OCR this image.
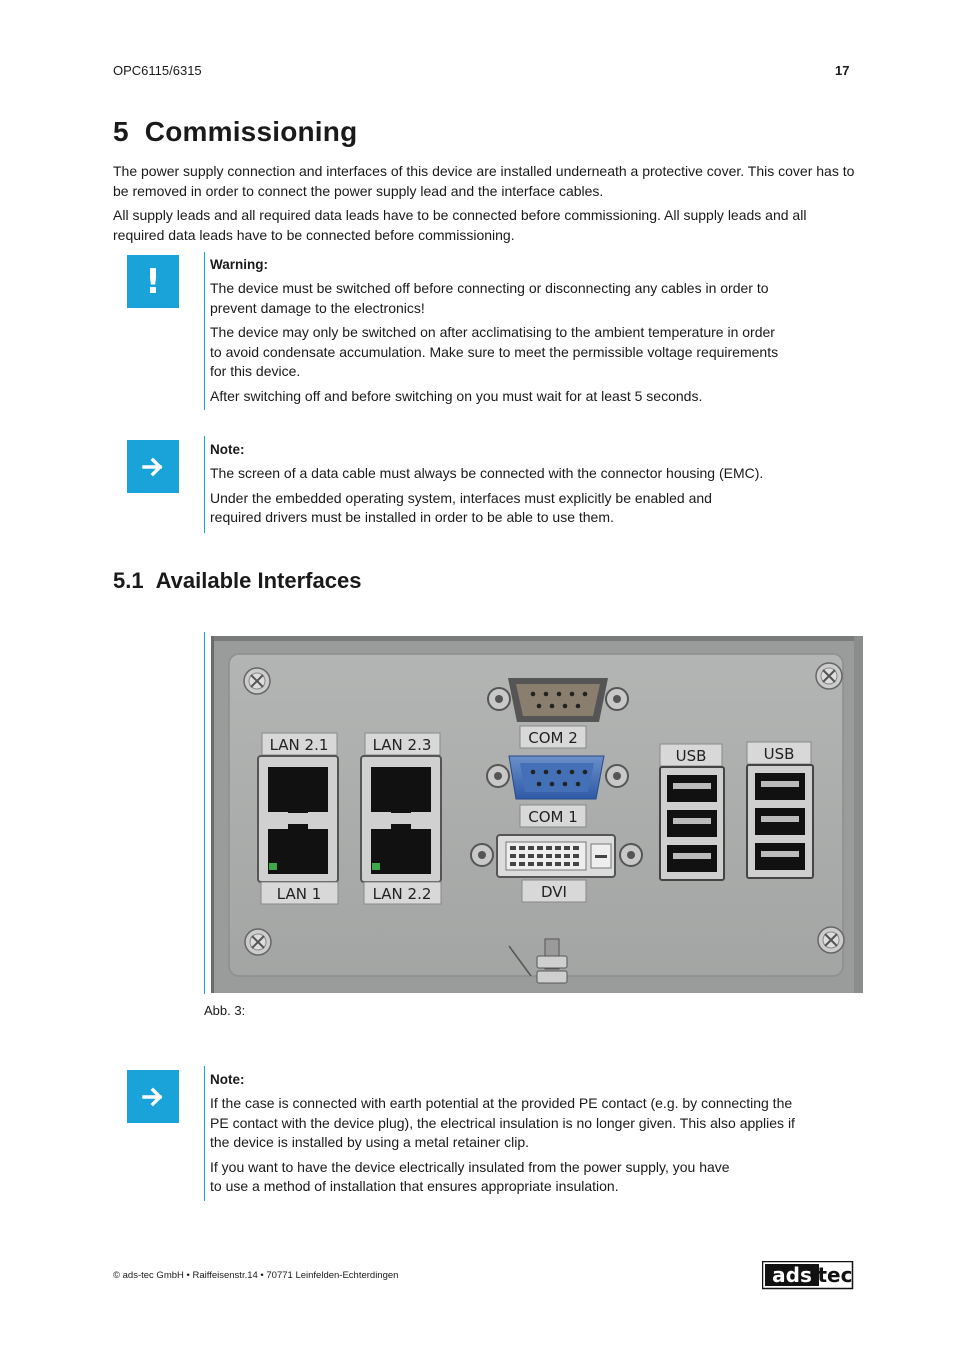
OPC6115/6315	17
5 Commissioning

The power supply connection and interfaces of this device are installed underneath a protective cover. This cover has to be removed in order to connect the power supply lead and the interface cables.

All supply leads and all required data leads have to be connected before commissioning. All supply leads and all required data leads have to be connected before commissioning.

!	Warning:

The device must be switched off before connecting or disconnecting any cables in order to prevent damage to the electronics!

The device may only be switched on after acclimatising to the ambient temperature in order to avoid condensate accumulation. Make sure to meet the permissible voltage requirements for this device.

After switching off and before switching on you must wait for at least 5 seconds.

Note:

The screen of a data cable must always be connected with the connector housing (EMC).

Under the embedded operating system, interfaces must explicitly be enabled and required drivers must be installed in order to be able to use them.

5.1 Available Interfaces
LAN 2.1	LAN 2.3
LAN 1	LAN 2.2
COM 2
COM 1
DVI
USB	USB
Abb. 3:
Note:

If the case is connected with earth potential at the provided PE contact (e.g. by connecting the PE contact with the device plug), the electrical insulation is no longer given. This also applies if the device is installed by using a metal retainer clip.

If you want to have the device electrically insulated from the power supply, you have to use a method of installation that ensures appropriate insulation.

© ads-tec GmbH • Raiffeisenstr.14 • 70771 Leinfelden-Echterdingen	ads tec
